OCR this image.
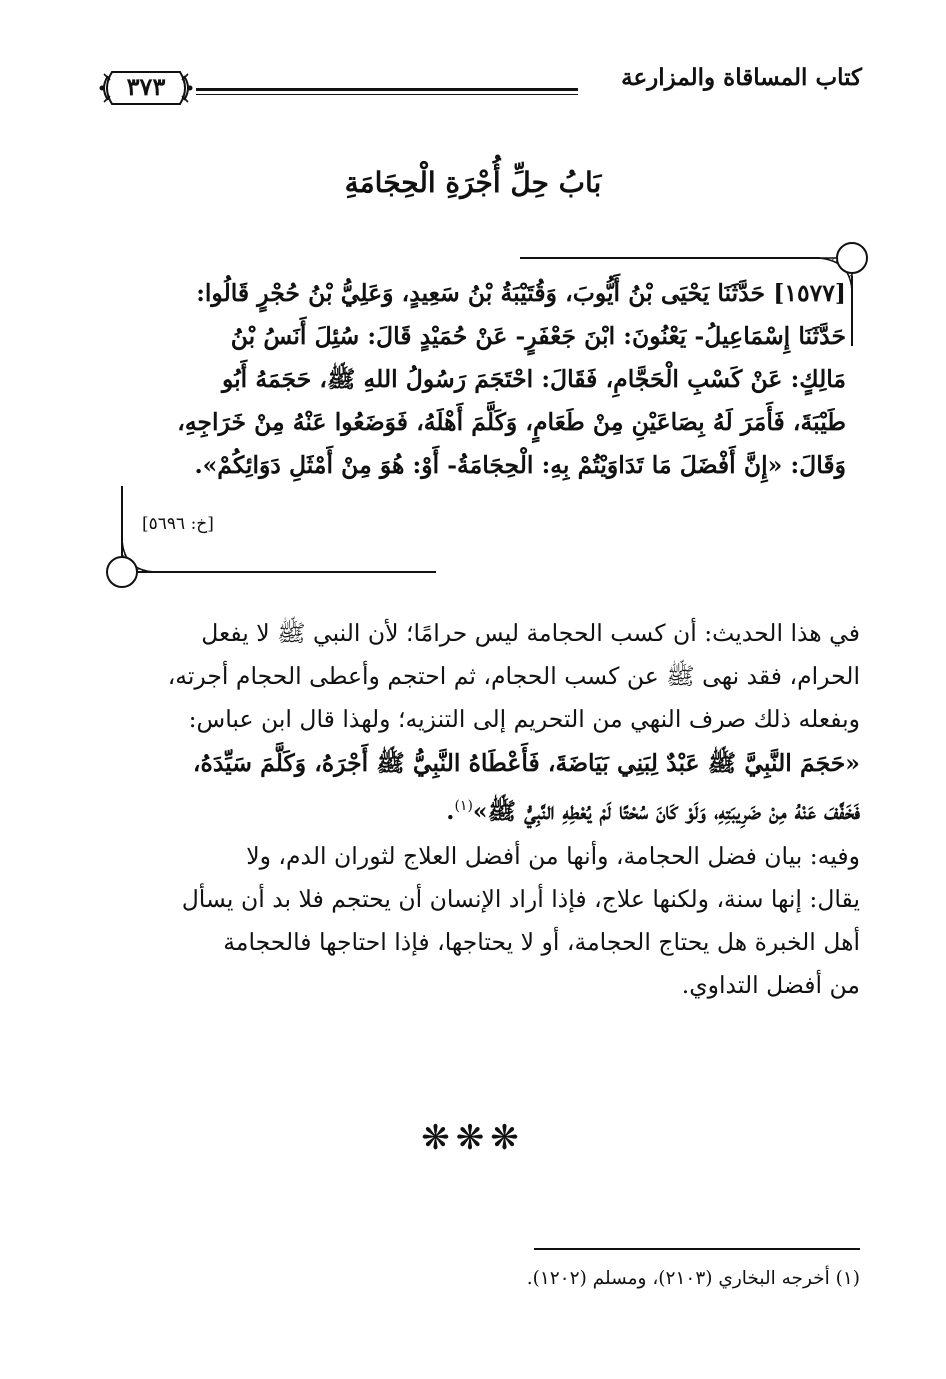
كتاب المساقاة والمزارعة
٣٧٣
بَابُ حِلِّ أُجْرَةِ الْحِجَامَةِ
[١٥٧٧] حَدَّثَنَا يَحْيَى بْنُ أَيُّوبَ، وَقُتَيْبَةُ بْنُ سَعِيدٍ، وَعَلِيُّ بْنُ حُجْرٍ قَالُوا:
حَدَّثَنَا إِسْمَاعِيلُ- يَعْنُونَ: ابْنَ جَعْفَرٍ- عَنْ حُمَيْدٍ قَالَ: سُئِلَ أَنَسُ بْنُ
مَالِكٍ: عَنْ كَسْبِ الْحَجَّامِ، فَقَالَ: احْتَجَمَ رَسُولُ اللهِ ﷺ، حَجَمَهُ أَبُو
طَيْبَةَ، فَأَمَرَ لَهُ بِصَاعَيْنِ مِنْ طَعَامٍ، وَكَلَّمَ أَهْلَهُ، فَوَضَعُوا عَنْهُ مِنْ خَرَاجِهِ،
وَقَالَ: «إِنَّ أَفْضَلَ مَا تَدَاوَيْتُمْ بِهِ: الْحِجَامَةُ- أَوْ: هُوَ مِنْ أَمْثَلِ دَوَائِكُمْ».
[خ: ٥٦٩٦]
في هذا الحديث: أن كسب الحجامة ليس حرامًا؛ لأن النبي ﷺ لا يفعل
الحرام، فقد نهى ﷺ عن كسب الحجام، ثم احتجم وأعطى الحجام أجرته،
وبفعله ذلك صرف النهي من التحريم إلى التنزيه؛ ولهذا قال ابن عباس:
«حَجَمَ النَّبِيَّ ﷺ عَبْدٌ لِبَنِي بَيَاضَةَ، فَأَعْطَاهُ النَّبِيُّ ﷺ أَجْرَهُ، وَكَلَّمَ سَيِّدَهُ،
فَخَفَّفَ عَنْهُ مِنْ ضَرِيبَتِهِ، وَلَوْ كَانَ سُحْتًا لَمْ يُعْطِهِ النَّبِيُّ ﷺ»$^{(١)}$.
وفيه: بيان فضل الحجامة، وأنها من أفضل العلاج لثوران الدم، ولا
يقال: إنها سنة، ولكنها علاج، فإذا أراد الإنسان أن يحتجم فلا بد أن يسأل
أهل الخبرة هل يحتاج الحجامة، أو لا يحتاجها، فإذا احتاجها فالحجامة
من أفضل التداوي.
❋❋❋
(١) أخرجه البخاري (٢١٠٣)، ومسلم (١٢٠٢).
